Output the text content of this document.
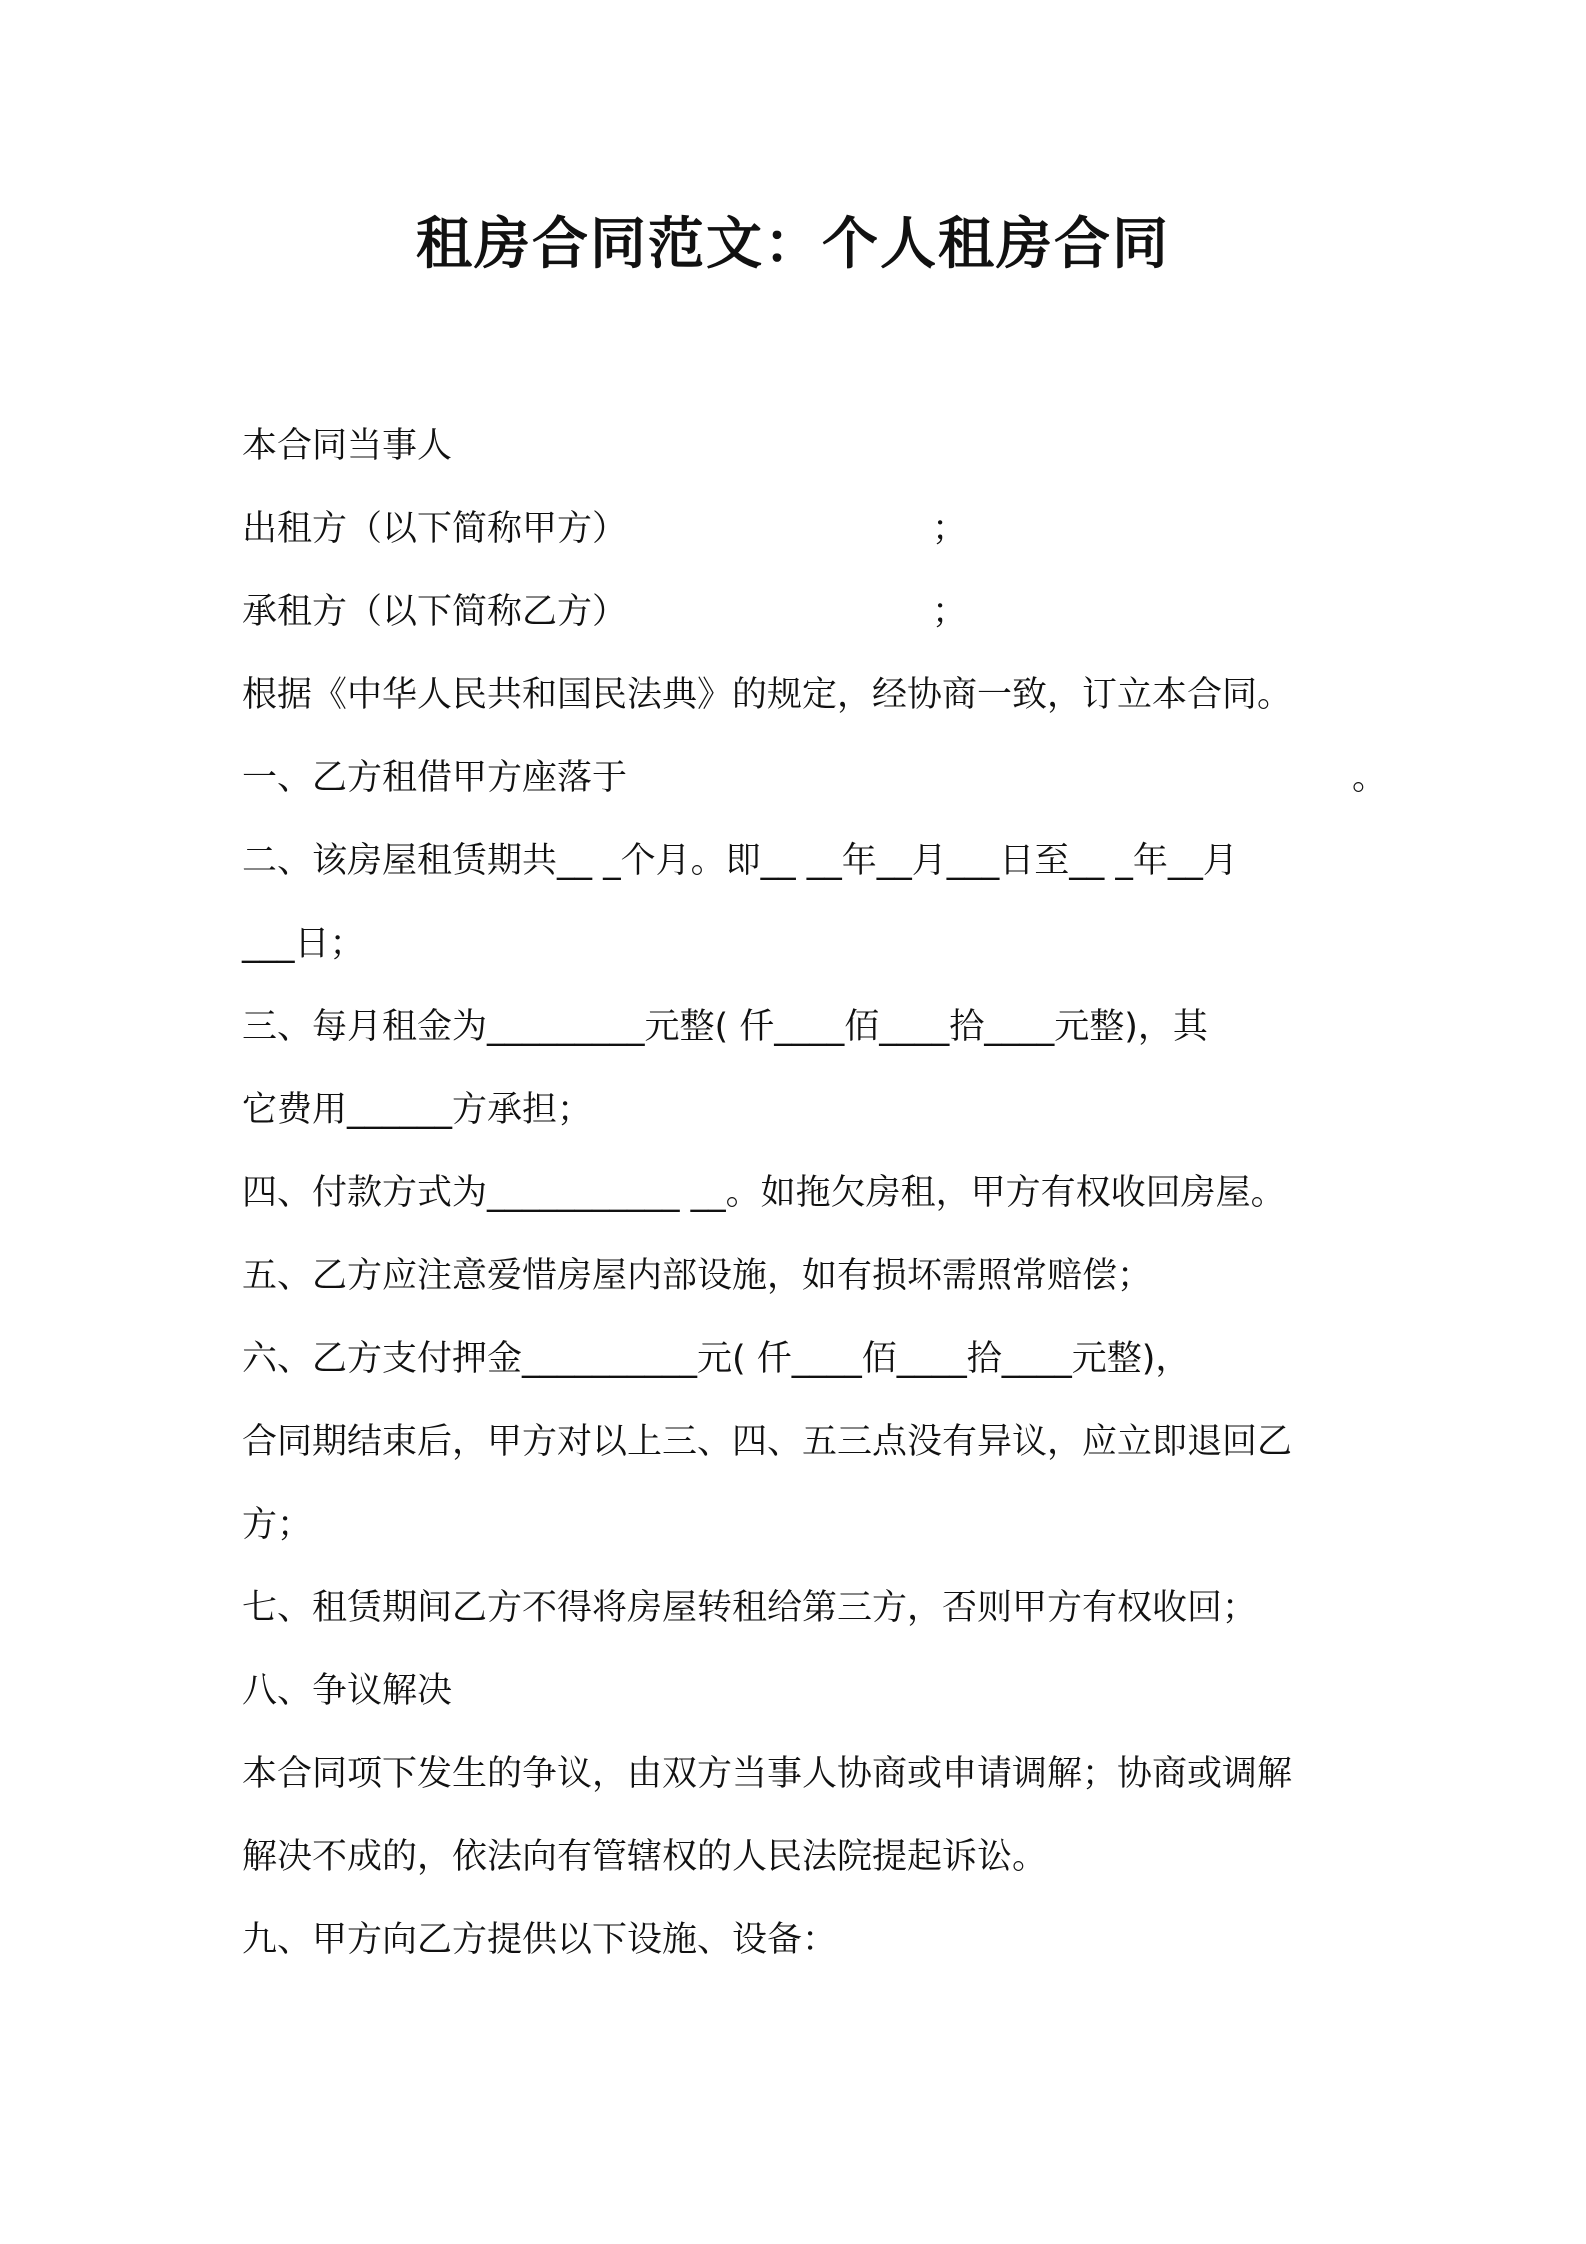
租房合同范文：个人租房合同
本合同当事人
出租方（以下简称甲方）	；
承租方（以下简称乙方）	；
根据《中华人民共和国民法典》的规定，经协商一致，订立本合同。
一、乙方租借甲方座落于	。
二、该房屋租赁期共__ _个月。即__ __年__月___日至__ _年__月
___日；
三、每月租金为_________元整( 仟____佰____拾____元整)，其
它费用______方承担；
四、付款方式为___________ __。如拖欠房租，甲方有权收回房屋。
五、乙方应注意爱惜房屋内部设施，如有损坏需照常赔偿；
六、乙方支付押金__________元( 仟____佰____拾____元整)，
合同期结束后，甲方对以上三、四、五三点没有异议，应立即退回乙
方；
七、租赁期间乙方不得将房屋转租给第三方，否则甲方有权收回；
八、争议解决
本合同项下发生的争议，由双方当事人协商或申请调解；协商或调解
解决不成的，依法向有管辖权的人民法院提起诉讼。
九、甲方向乙方提供以下设施、设备：
